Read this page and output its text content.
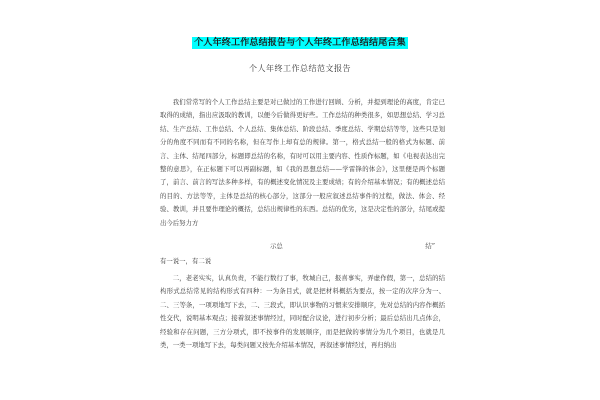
个人年终工作总结报告与个人年终工作总结结尾合集
个人年终工作总结范文报告

我们常常写的个人工作总结主要是对已做过的工作进行回顾、分析，并提到理论的高度，肯定已取得的成绩，指出应汲取的教训，以便今后做得更好些。工作总结的种类很多，如思想总结、学习总结、生产总结、工作总结、个人总结、集体总结、阶段总结、季度总结、学期总结等等，这些只是划分的角度不同而有不同的名称，但在写作上却有总的规律。第一，格式总结一般的格式为标题、前言、主体、结尾四部分，标题即总结的名称，有时可以用主要内容、性质作标题，如《电视表达出完整的意思》，在正标题下可以再副标题，如《我的思想总结——学雷锋的体会》，这里便是两个标题了，前言、前言的写法多种多样，有的概述变化情况及主要成绩；有的介绍基本情况；有的概述总结的目的、方法等等，主体是总结的核心部分，这部分一般应叙述总结事件的过程，做法、体会、经验、教训，并且要作理论的概括，总结出规律性的东西。总结的优劣，这是决定性的部分，结尾或提出今后努力方

示总	结”
有一说一，有二说

二，老老实实，认真负责，不能行数行了事，牧城自己，报喜事实，弄虚作假，第一，总结的结构形式总结常见的结构形式有四种：一为条目式，就是把材料概括为要点，按一定的次序分为一、二、三等条，一项项地写下去，二、三段式，即认识事物的习惯来安排顺序，先对总结的内容作概括性交代，说明基本观点；接着叙述事情经过，同时配合议论，进行初步分析；最后总结出几点体会，经验和存在问题，三方分项式，即不按事件的发展顺序，而是把做的事情分为几个项目，也就是几类，一类一项地写下去，每类问题又按先介绍基本情况，再叙述事情经过，再归纳出
